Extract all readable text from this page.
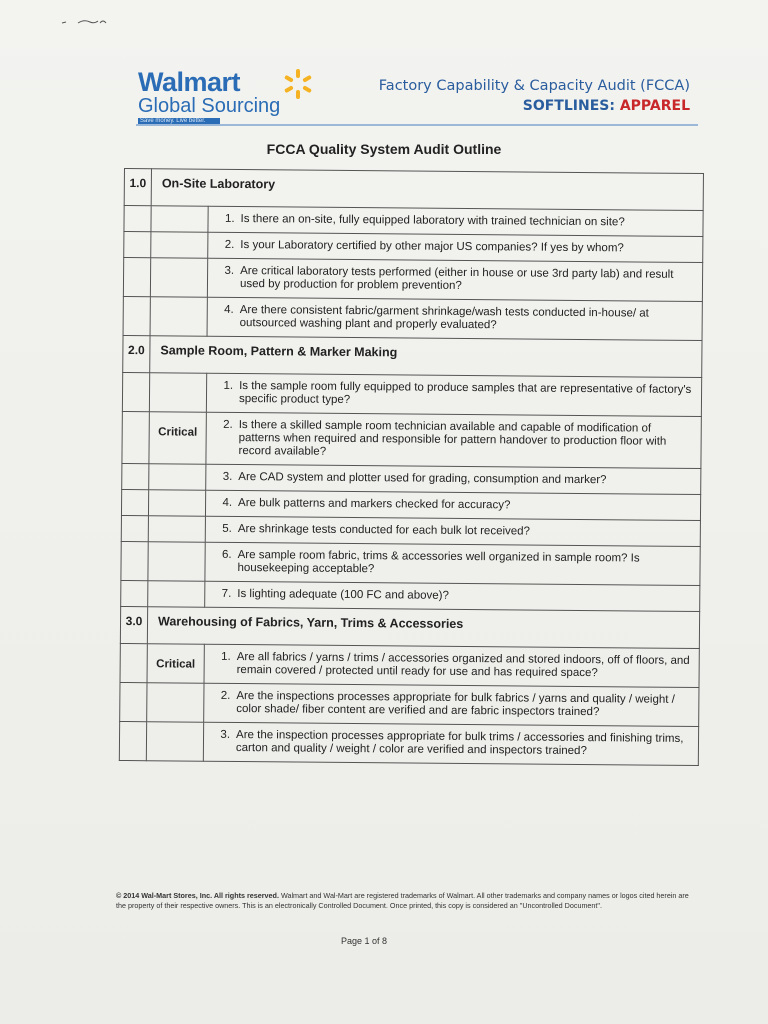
Walmart
Global Sourcing
Save money. Live better.
Factory Capability & Capacity Audit (FCCA)
SOFTLINES: APPAREL
FCCA Quality System Audit Outline
1.0	On-Site Laboratory	

		1. Is there an on-site, fully equipped laboratory with trained technician on site?

		2. Is your Laboratory certified by other major US companies? If yes by whom?

		3. Are critical laboratory tests performed (either in house or use 3rd party lab) and result used by production for problem prevention?

		4. Are there consistent fabric/garment shrinkage/wash tests conducted in-house/ at outsourced washing plant and properly evaluated?

2.0	Sample Room, Pattern & Marker Making	

		1. Is the sample room fully equipped to produce samples that are representative of factory's specific product type?

	Critical	2. Is there a skilled sample room technician available and capable of modification of patterns when required and responsible for pattern handover to production floor with record available?

		3. Are CAD system and plotter used for grading, consumption and marker?

		4. Are bulk patterns and markers checked for accuracy?

		5. Are shrinkage tests conducted for each bulk lot received?

		6. Are sample room fabric, trims & accessories well organized in sample room? Is housekeeping acceptable?

		7. Is lighting adequate (100 FC and above)?

3.0	Warehousing of Fabrics, Yarn, Trims & Accessories	
	Critical	1. Are all fabrics / yarns / trims / accessories organized and stored indoors, off of floors, and remain covered / protected until ready for use and has required space?

		2. Are the inspections processes appropriate for bulk fabrics / yarns and quality / weight / color shade/ fiber content are verified and are fabric inspectors trained?

		3. Are the inspection processes appropriate for bulk trims / accessories and finishing trims, carton and quality / weight / color are verified and inspectors trained?
© 2014 Wal-Mart Stores, Inc. All rights reserved. Walmart and Wal-Mart are registered trademarks of Walmart. All other trademarks and company names or logos cited herein are the property of their respective owners. This is an electronically Controlled Document. Once printed, this copy is considered an "Uncontrolled Document".
Page 1 of 8
